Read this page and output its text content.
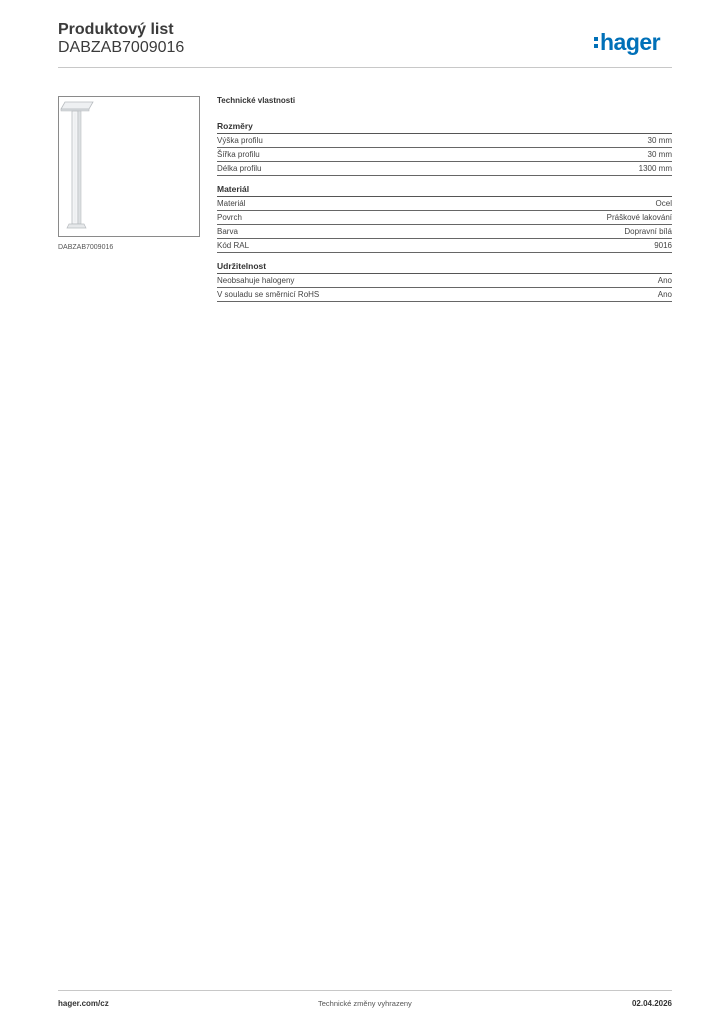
Produktový list
DABZAB7009016	hager
DABZAB7009016
Technické vlastnosti
Rozměry
Výška profilu	30 mm
Šířka profilu	30 mm
Délka profilu	1300 mm
Materiál
Materiál	Ocel
Povrch	Práškové lakování
Barva	Dopravní bílá
Kód RAL	9016
Udržitelnost
Neobsahuje halogeny	Ano
V souladu se směrnicí RoHS	Ano
hager.com/cz	Technické změny vyhrazeny	02.04.2026
